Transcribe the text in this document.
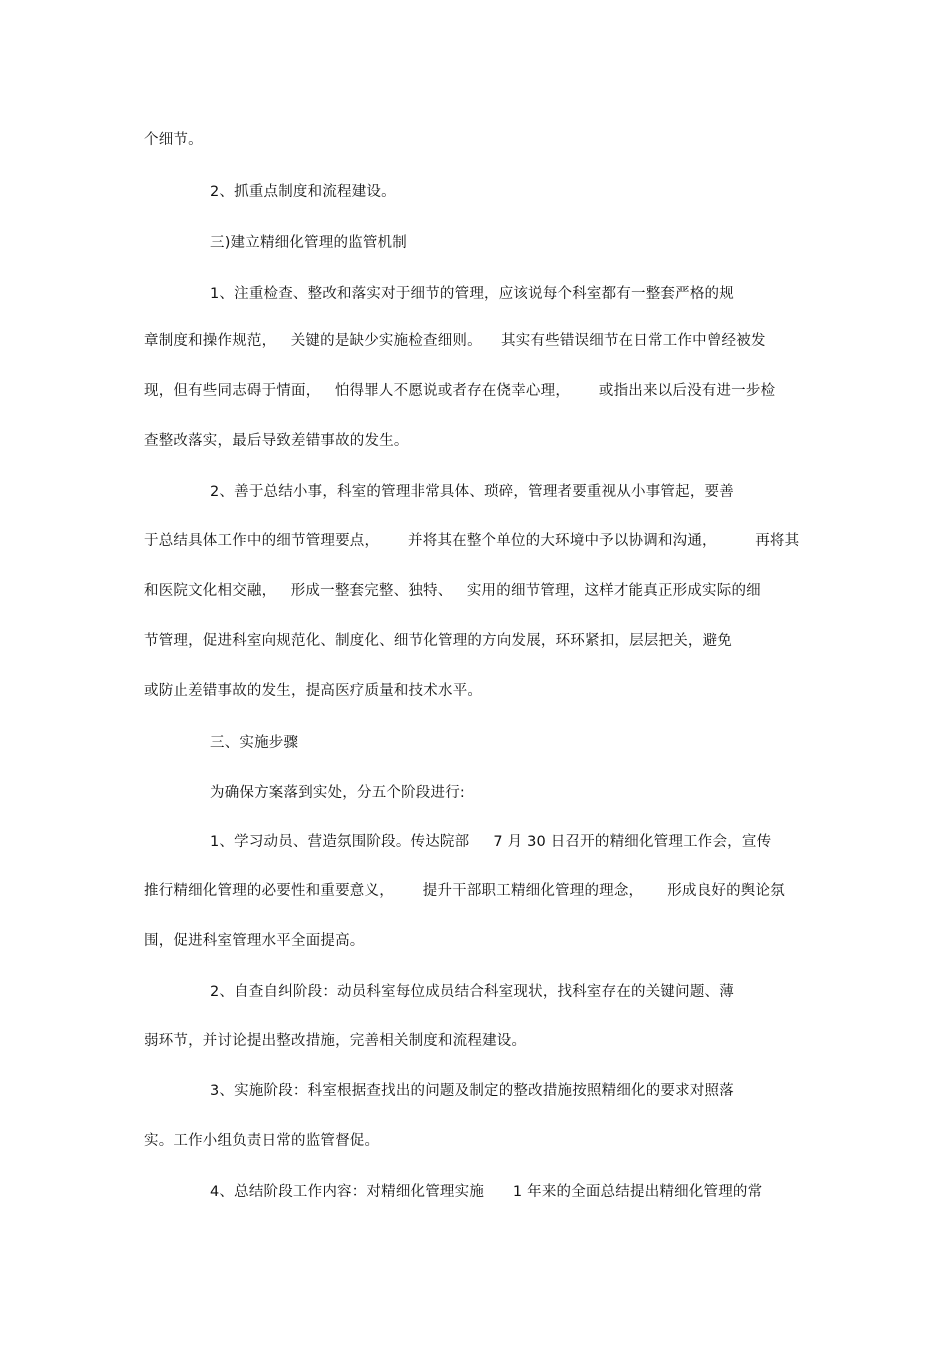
个细节。
2、抓重点制度和流程建设。
三)建立精细化管理的监管机制
1、注重检查、整改和落实对于细节的管理，应该说每个科室都有一整套严格的规
章制度和操作规范，   关键的是缺少实施检查细则。    其实有些错误细节在日常工作中曾经被发
现，但有些同志碍于情面，   怕得罪人不愿说或者存在侥幸心理，      或指出来以后没有进一步检
查整改落实，最后导致差错事故的发生。
2、善于总结小事，科室的管理非常具体、琐碎，管理者要重视从小事管起，要善
于总结具体工作中的细节管理要点，      并将其在整个单位的大环境中予以协调和沟通，        再将其
和医院文化相交融，   形成一整套完整、独特、   实用的细节管理，这样才能真正形成实际的细
节管理，促进科室向规范化、制度化、细节化管理的方向发展，环环紧扣，层层把关，避免
或防止差错事故的发生，提高医疗质量和技术水平。
三、实施步骤
为确保方案落到实处，分五个阶段进行:
1、学习动员、营造氛围阶段。传达院部     7 月 30 日召开的精细化管理工作会，宣传
推行精细化管理的必要性和重要意义，      提升干部职工精细化管理的理念，     形成良好的舆论氛
围，促进科室管理水平全面提高。
2、自查自纠阶段：动员科室每位成员结合科室现状，找科室存在的关键问题、薄
弱环节，并讨论提出整改措施，完善相关制度和流程建设。
3、实施阶段：科室根据查找出的问题及制定的整改措施按照精细化的要求对照落
实。工作小组负责日常的监管督促。
4、总结阶段工作内容：对精细化管理实施      1 年来的全面总结提出精细化管理的常
